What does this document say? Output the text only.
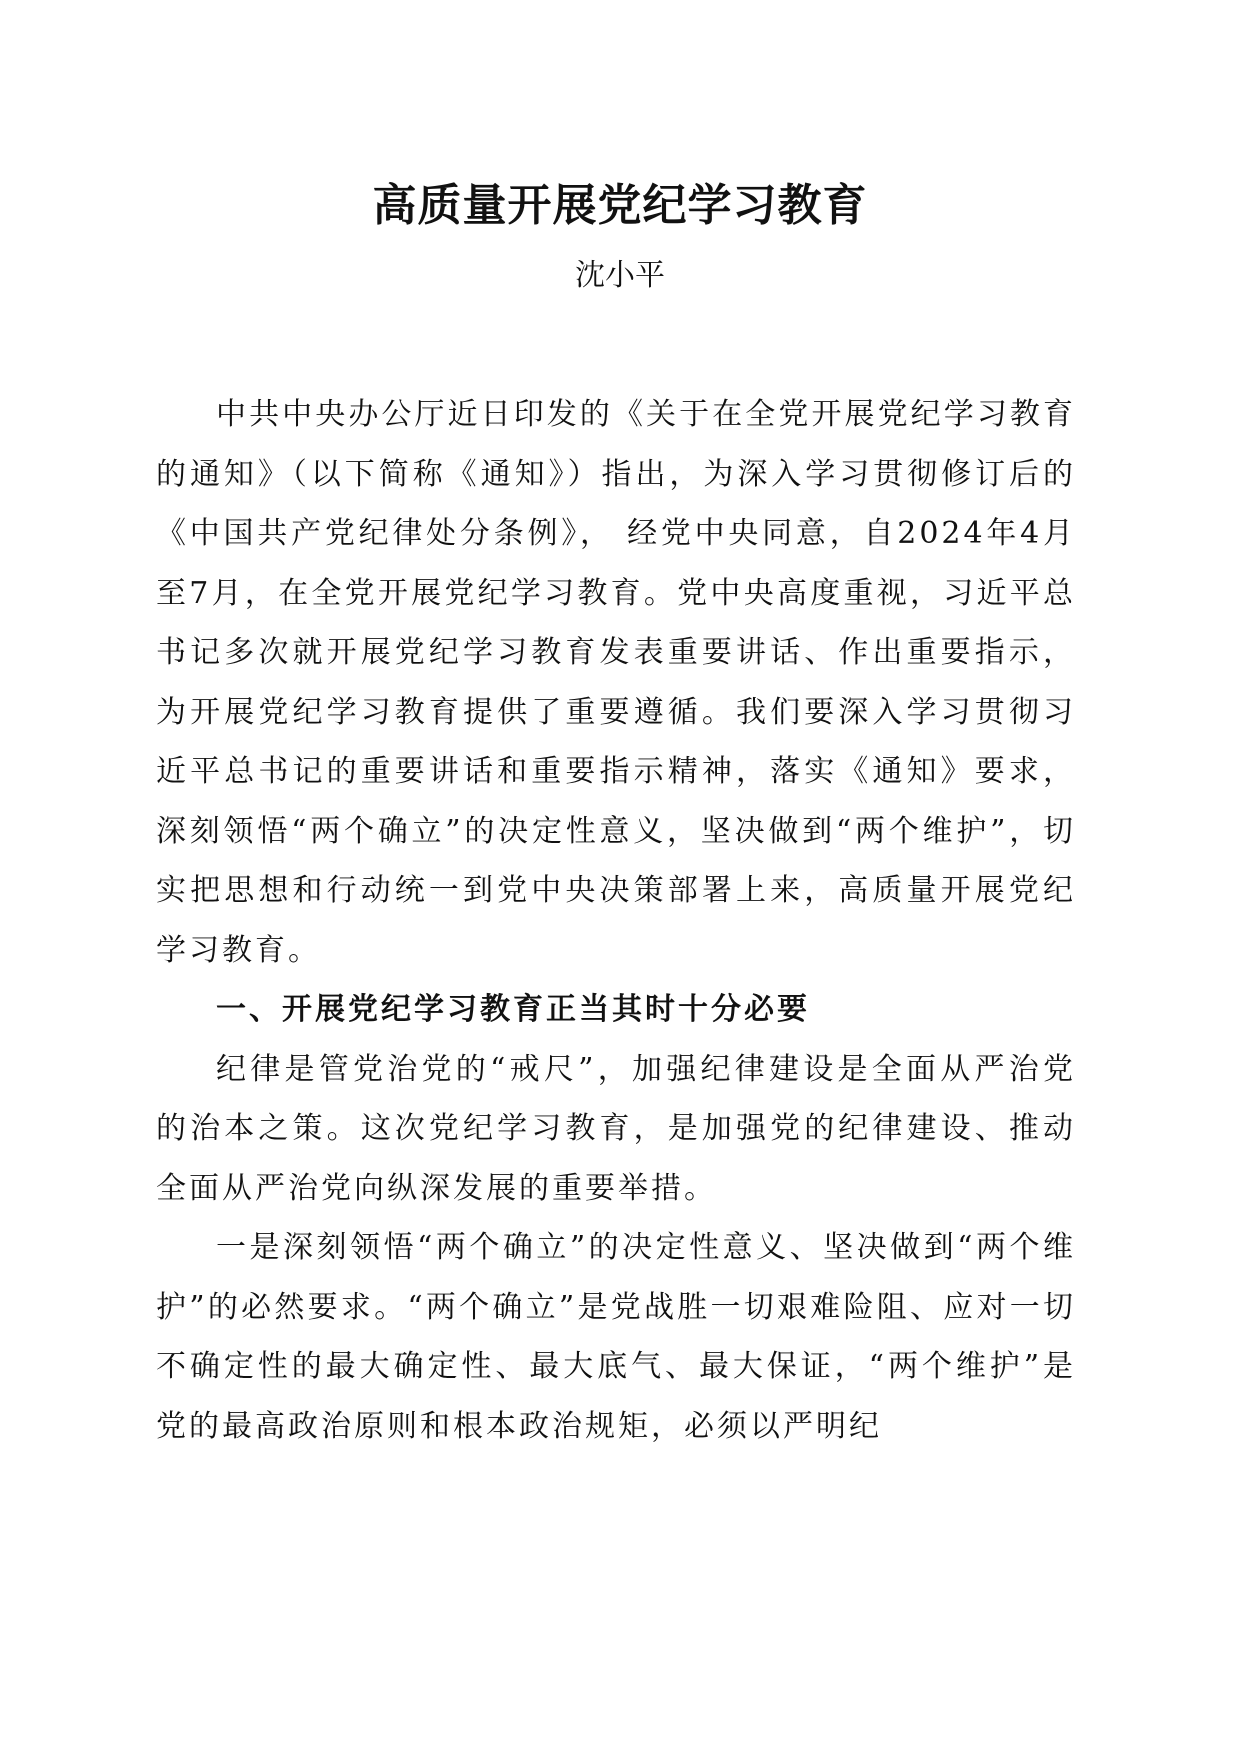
高质量开展党纪学习教育
沈小平

中共中央办公厅近日印发的《关于在全党开展党纪学习教育的通知》（以下简称《通知》）指出，为深入学习贯彻修订后的《中国共产党纪律处分条例》， 经党中央同意，自2024年4月至7月，在全党开展党纪学习教育。党中央高度重视，习近平总书记多次就开展党纪学习教育发表重要讲话、作出重要指示，为开展党纪学习教育提供了重要遵循。我们要深入学习贯彻习近平总书记的重要讲话和重要指示精神，落实《通知》要求，深刻领悟“两个确立”的决定性意义，坚决做到“两个维护”，切实把思想和行动统一到党中央决策部署上来，高质量开展党纪学习教育。

一、开展党纪学习教育正当其时十分必要

纪律是管党治党的“戒尺”，加强纪律建设是全面从严治党的治本之策。这次党纪学习教育，是加强党的纪律建设、推动全面从严治党向纵深发展的重要举措。

一是深刻领悟“两个确立”的决定性意义、坚决做到“两个维护”的必然要求。“两个确立”是党战胜一切艰难险阻、应对一切不确定性的最大确定性、最大底气、最大保证，“两个维护”是党的最高政治原则和根本政治规矩，必须以严明纪
